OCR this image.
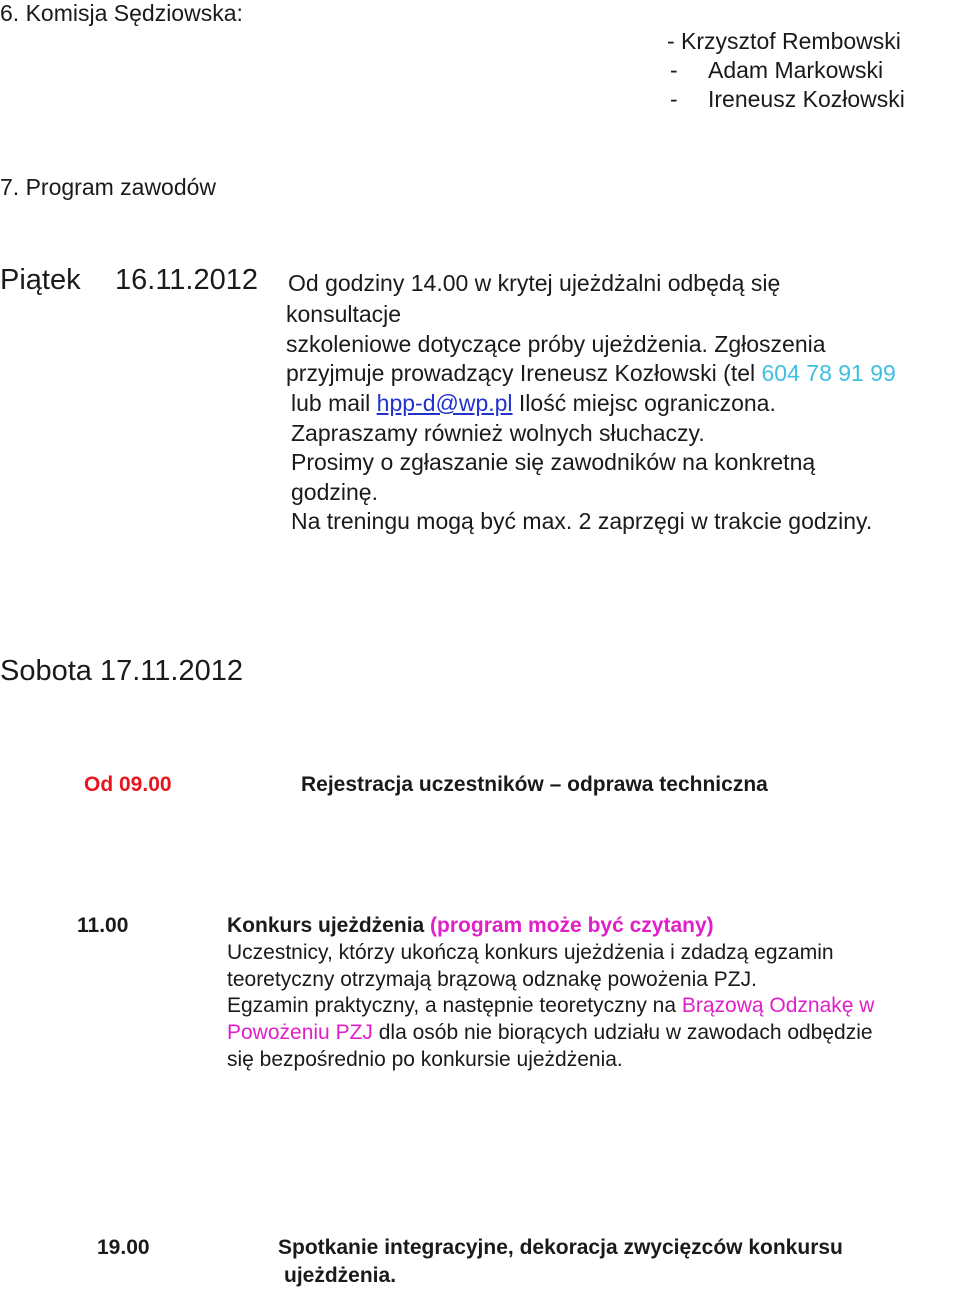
6. Komisja Sędziowska:
- Krzysztof Rembowski
- Adam Markowski
- Ireneusz Kozłowski
7. Program zawodów
Piątek 16.11.2012 Od godziny 14.00 w krytej ujeżdżalni odbędą się
konsultacje
szkoleniowe dotyczące próby ujeżdżenia. Zgłoszenia
przyjmuje prowadzący Ireneusz Kozłowski (tel 604 78 91 99
lub mail hpp-d@wp.pl Ilość miejsc ograniczona.
Zapraszamy również wolnych słuchaczy.
Prosimy o zgłaszanie się zawodników na konkretną
godzinę.
Na treningu mogą być max. 2 zaprzęgi w trakcie godziny.
Sobota 17.11.2012
Od 09.00	Rejestracja uczestników – odprawa techniczna
11.00	Konkurs ujeżdżenia (program może być czytany)
Uczestnicy, którzy ukończą konkurs ujeżdżenia i zdadzą egzamin
teoretyczny otrzymają brązową odznakę powożenia PZJ.
Egzamin praktyczny, a następnie teoretyczny na Brązową Odznakę w
Powożeniu PZJ dla osób nie biorących udziału w zawodach odbędzie
się bezpośrednio po konkursie ujeżdżenia.
19.00	Spotkanie integracyjne, dekoracja zwycięzców konkursu
ujeżdżenia.
